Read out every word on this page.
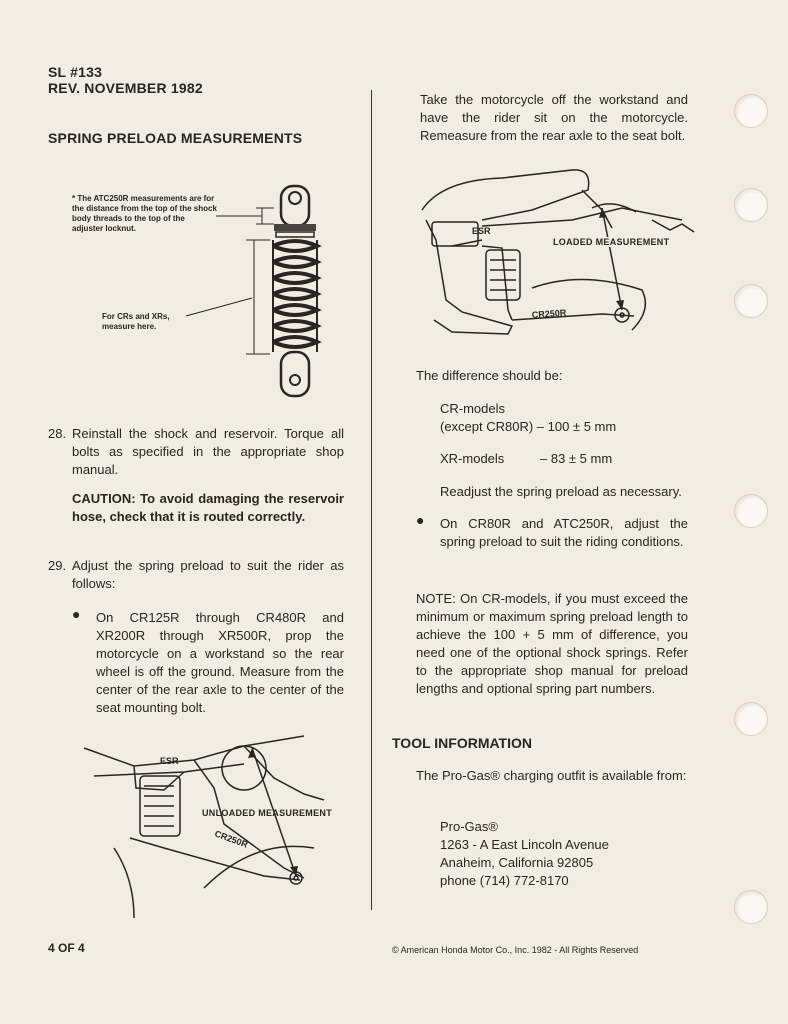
SL #133
REV. NOVEMBER 1982
SPRING PRELOAD MEASUREMENTS
* The ATC250R measurements are for the distance from the top of the shock body threads to the top of the adjuster locknut.
For CRs and XRs, measure here.
28. Reinstall the shock and reservoir. Torque all bolts as specified in the appropriate shop manual.
CAUTION: To avoid damaging the reservoir hose, check that it is routed correctly.
29. Adjust the spring preload to suit the rider as follows:
● On CR125R through CR480R and XR200R through XR500R, prop the motorcycle on a workstand so the rear wheel is off the ground. Measure from the center of the rear axle to the center of the seat mounting bolt.
ESR
CR250R
UNLOADED MEASUREMENT
Take the motorcycle off the workstand and have the rider sit on the motorcycle. Remeasure from the rear axle to the seat bolt.
ESR
CR250R
LOADED MEASUREMENT
The difference should be:
CR-models
(except CR80R) – 100 ± 5 mm
XR-models	– 83 ± 5 mm
Readjust the spring preload as necessary.
● On CR80R and ATC250R, adjust the spring preload to suit the riding conditions.
NOTE: On CR-models, if you must exceed the minimum or maximum spring preload length to achieve the 100 + 5 mm of difference, you need one of the optional shock springs. Refer to the appropriate shop manual for preload lengths and optional spring part numbers.
TOOL INFORMATION
The Pro-Gas® charging outfit is available from:
Pro-Gas®
1263 - A East Lincoln Avenue
Anaheim, California 92805
phone (714) 772-8170
4 OF 4	© American Honda Motor Co., Inc. 1982 - All Rights Reserved
